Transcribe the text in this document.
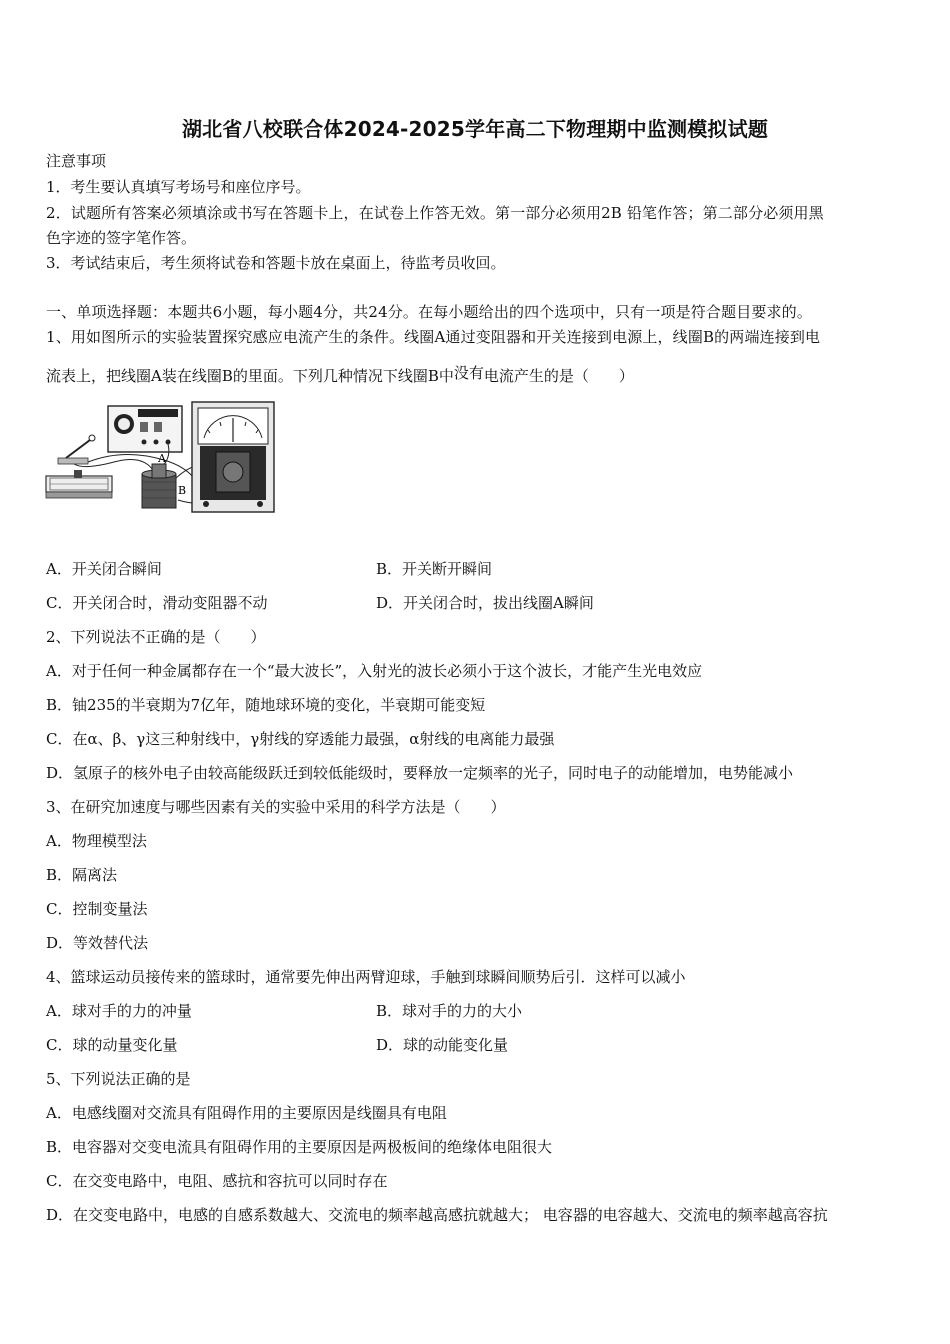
湖北省八校联合体2024-2025学年高二下物理期中监测模拟试题
注意事项
1．考生要认真填写考场号和座位序号。
2．试题所有答案必须填涂或书写在答题卡上，在试卷上作答无效。第一部分必须用2B 铅笔作答；第二部分必须用黑
色字迹的签字笔作答。
3．考试结束后，考生须将试卷和答题卡放在桌面上，待监考员收回。
一、单项选择题：本题共6小题，每小题4分，共24分。在每小题给出的四个选项中，只有一项是符合题目要求的。
1、用如图所示的实验装置探究感应电流产生的条件。线圈A通过变阻器和开关连接到电源上，线圈B的两端连接到电
流表上，把线圈A装在线圈B的里面。下列几种情况下线圈B中没有电流产生的是（　　）
A
B
A．开关闭合瞬间	B．开关断开瞬间
C．开关闭合时，滑动变阻器不动	D．开关闭合时，拔出线圈A瞬间
2、下列说法不正确的是（　　）
A．对于任何一种金属都存在一个“最大波长”，入射光的波长必须小于这个波长，才能产生光电效应
B．铀235的半衰期为7亿年，随地球环境的变化，半衰期可能变短
C．在α、β、γ这三种射线中，γ射线的穿透能力最强，α射线的电离能力最强
D．氢原子的核外电子由较高能级跃迁到较低能级时，要释放一定频率的光子，同时电子的动能增加，电势能减小
3、在研究加速度与哪些因素有关的实验中采用的科学方法是（　　）
A．物理模型法
B．隔离法
C．控制变量法
D．等效替代法
4、篮球运动员接传来的篮球时，通常要先伸出两臂迎球，手触到球瞬间顺势后引．这样可以减小
A．球对手的力的冲量	B．球对手的力的大小
C．球的动量变化量	D．球的动能变化量
5、下列说法正确的是
A．电感线圈对交流具有阻碍作用的主要原因是线圈具有电阻
B．电容器对交变电流具有阻碍作用的主要原因是两极板间的绝缘体电阻很大
C．在交变电路中，电阻、感抗和容抗可以同时存在
D．在交变电路中，电感的自感系数越大、交流电的频率越高感抗就越大； 电容器的电容越大、交流电的频率越高容抗
